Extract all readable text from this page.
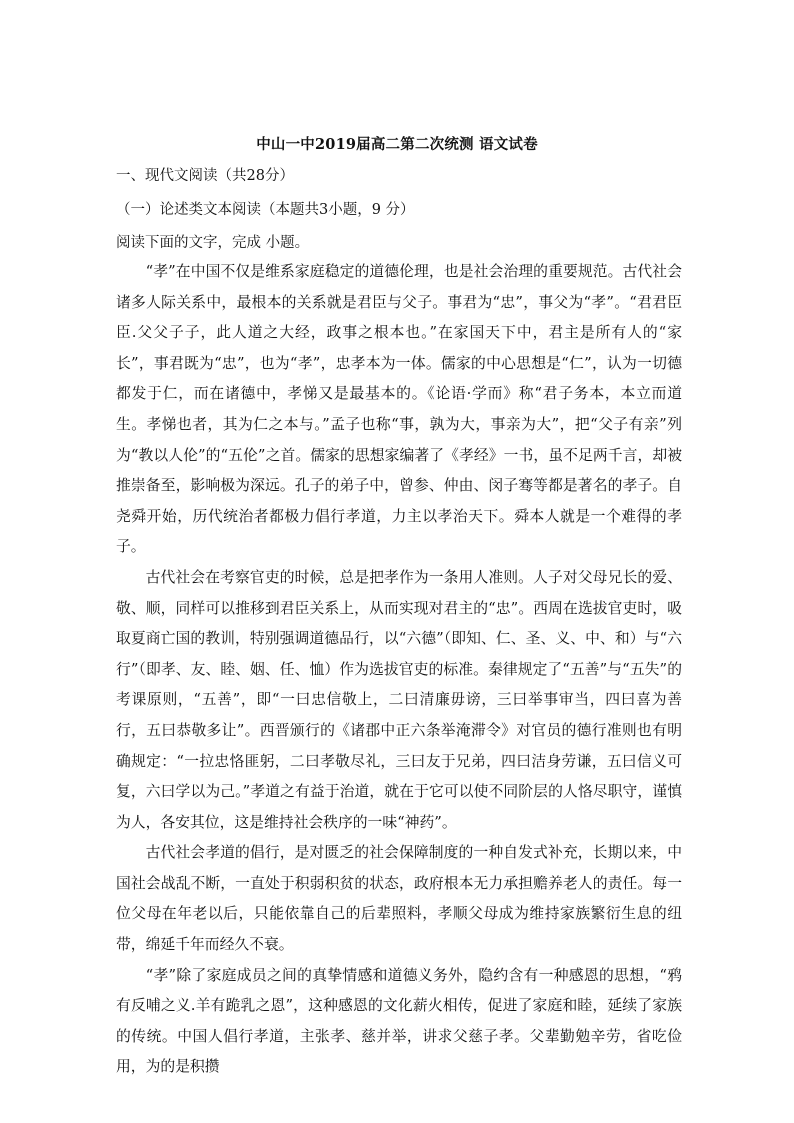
中山一中2019届高二第二次统测 语文试卷
一、现代文阅读（共28分）
（一）论述类文本阅读（本题共3小题，9 分）
阅读下面的文字，完成 小题。

“孝”在中国不仅是维系家庭稳定的道德伦理，也是社会治理的重要规范。古代社会诸多人际关系中，最根本的关系就是君臣与父子。事君为“忠”，事父为“孝”。“君君臣臣.父父子子，此人道之大经，政事之根本也。”在家国天下中，君主是所有人的“家长”，事君既为“忠”，也为“孝”，忠孝本为一体。儒家的中心思想是“仁”，认为一切德都发于仁，而在诸德中，孝悌又是最基本的。《论语·学而》称“君子务本，本立而道生。孝悌也者，其为仁之本与。”孟子也称“事，孰为大，事亲为大”，把“父子有亲”列为“教以人伦”的“五伦”之首。儒家的思想家编著了《孝经》一书，虽不足两千言，却被推崇备至，影响极为深远。孔子的弟子中，曾参、仲由、闵子骞等都是著名的孝子。自尧舜开始，历代统治者都极力倡行孝道，力主以孝治天下。舜本人就是一个难得的孝子。

古代社会在考察官吏的时候，总是把孝作为一条用人准则。人子对父母兄长的爱、敬、顺，同样可以推移到君臣关系上，从而实现对君主的“忠”。西周在选拔官吏时，吸取夏商亡国的教训，特别强调道德品行，以“六德”（即知、仁、圣、义、中、和）与“六行”（即孝、友、睦、姻、任、恤）作为选拔官吏的标准。秦律规定了“五善”与“五失”的考课原则，“五善”，即“一曰忠信敬上，二曰清廉毋谤，三曰举事审当，四曰喜为善行，五曰恭敬多让”。西晋颁行的《诸郡中正六条举淹滞令》对官员的德行准则也有明确规定：“一拉忠恪匪躬，二曰孝敬尽礼，三曰友于兄弟，四曰洁身劳谦，五曰信义可复，六曰学以为己。”孝道之有益于治道，就在于它可以使不同阶层的人恪尽职守，谨慎为人，各安其位，这是维持社会秩序的一味“神药”。

古代社会孝道的倡行，是对匮乏的社会保障制度的一种自发式补充，长期以来，中国社会战乱不断，一直处于积弱积贫的状态，政府根本无力承担赡养老人的责任。每一位父母在年老以后，只能依靠自己的后辈照料，孝顺父母成为维持家族繁衍生息的纽带，绵延千年而经久不衰。

“孝”除了家庭成员之间的真挚情感和道德义务外，隐约含有一种感恩的思想，“鸦有反哺之义.羊有跪乳之恩”，这种感恩的文化薪火相传，促进了家庭和睦，延续了家族的传统。中国人倡行孝道，主张孝、慈并举，讲求父慈子孝。父辈勤勉辛劳，省吃俭用，为的是积攒
